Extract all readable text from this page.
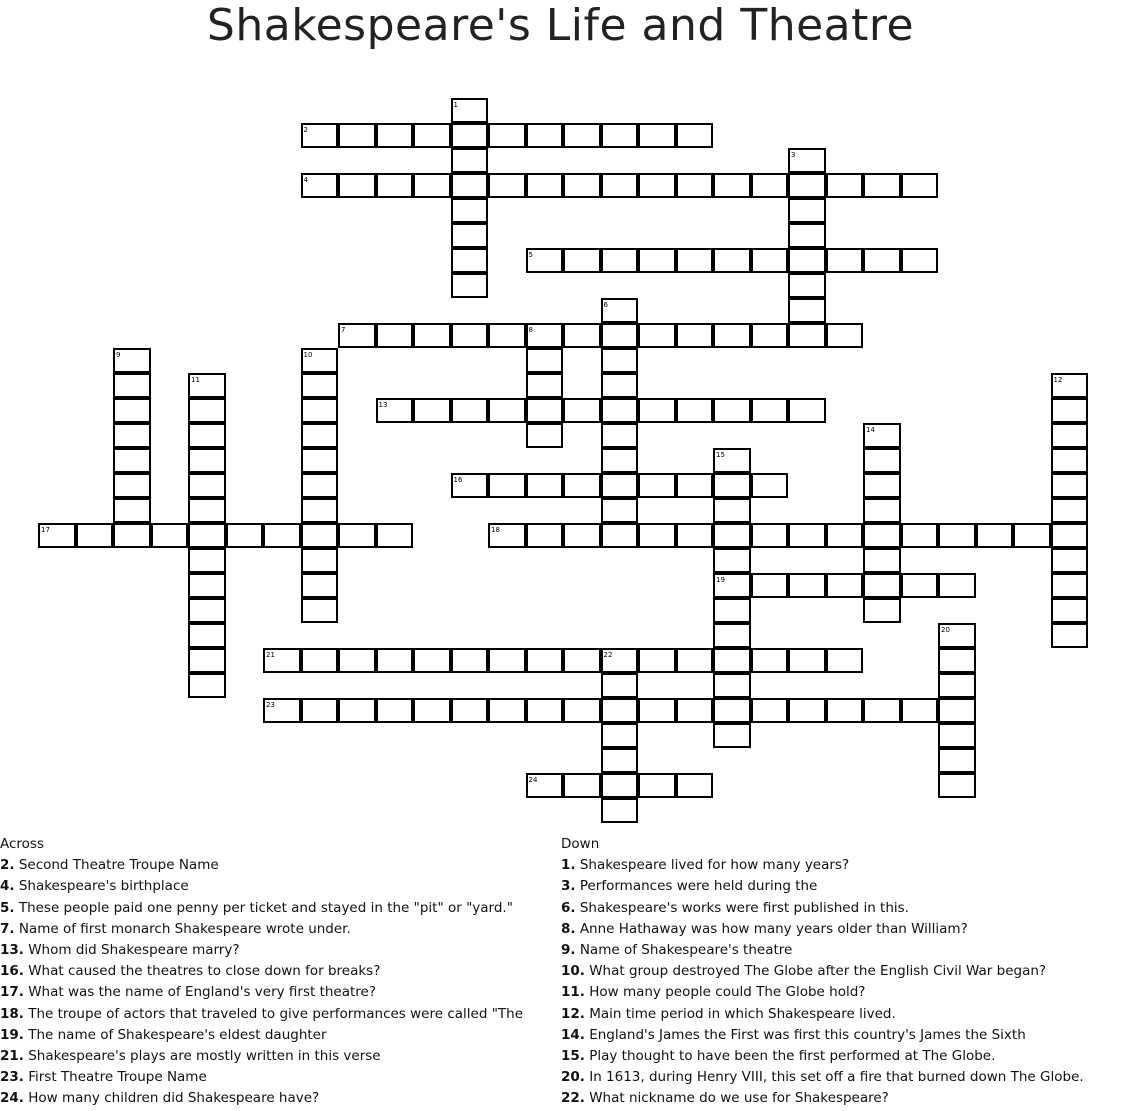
Shakespeare's Life and Theatre
1
2
3
4
5
6
7	8
9	10
11	12
13
14
15
16
17	18
19
20
21	22
23
24
Across
2. Second Theatre Troupe Name
4. Shakespeare's birthplace
5. These people paid one penny per ticket and stayed in the "pit" or "yard."
7. Name of first monarch Shakespeare wrote under.
13. Whom did Shakespeare marry?
16. What caused the theatres to close down for breaks?
17. What was the name of England's very first theatre?
18. The troupe of actors that traveled to give performances were called "The
19. The name of Shakespeare's eldest daughter
21. Shakespeare's plays are mostly written in this verse
23. First Theatre Troupe Name
24. How many children did Shakespeare have?
Down
1. Shakespeare lived for how many years?
3. Performances were held during the
6. Shakespeare's works were first published in this.
8. Anne Hathaway was how many years older than William?
9. Name of Shakespeare's theatre
10. What group destroyed The Globe after the English Civil War began?
11. How many people could The Globe hold?
12. Main time period in which Shakespeare lived.
14. England's James the First was first this country's James the Sixth
15. Play thought to have been the first performed at The Globe.
20. In 1613, during Henry VIII, this set off a fire that burned down The Globe.
22. What nickname do we use for Shakespeare?
